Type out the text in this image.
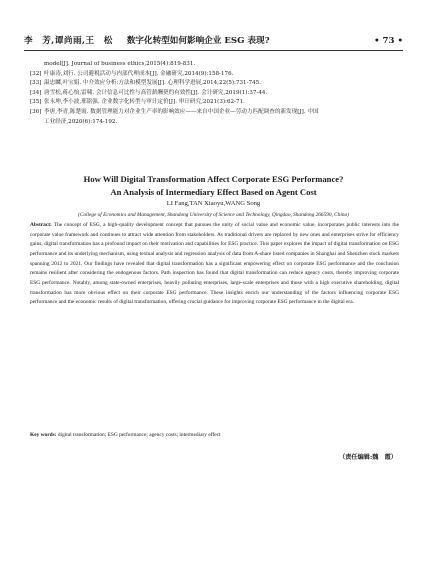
李　芳,谭尚雨,王　松 数字化转型如何影响企业 ESG 表现?	• 73 •
model[J]. Journal of business ethics,2015(4):819-831.
[32] 叶康涛,刘行. 公司避税活动与内部代理成本[J]. 金融研究,2014(9):158-176.
[33] 温忠麟,叶宝娟. 中介效应分析:方法和模型发展[J]. 心理科学进展,2014,22(5):731-745.
[34] 唐雪松,蒋心怡,雷啸. 会计信息可比性与高管薪酬契约有效性[J]. 会计研究,2019(1):37-44.
[35] 张永坤,李小波,邢铭强. 企业数字化转型与审计定价[J]. 审计研究,2021(3):62-71.
[36] 李唐,李青,陈楚霞. 数据管理能力对企业生产率的影响效应——来自中国企业—劳动力匹配调查的新发现[J]. 中国
工业经济,2020(6):174-192.
How Will Digital Transformation Affect Corporate ESG Performance?
An Analysis of Intermediary Effect Based on Agent Cost
LI Fang,TAN Xiaoyu,WANG Song
(College of Economics and Management, Shandong University of Science and Technology, Qingdao, Shandong 266590, China)
Abstract: The concept of ESG, a high-quality development concept that pursues the unity of social value and economic value, incorporates public interests into the corporate value framework and continues to attract wide attention from stakeholders. As traditional drivers are replaced by new ones and enterprises strive for efficiency gains, digital transformation has a profound impact on their motivation and capabilities for ESG practice. This paper explores the impact of digital transformation on ESG performance and its underlying mechanism, using textual analysis and regression analysis of data from A-share listed companies in Shanghai and Shenzhen stock markets spanning 2012 to 2021. Our findings have revealed that digital transformation has a significant empowering effect on corporate ESG performance and the conclusion remains resilient after considering the endogenous factors. Path inspection has found that digital transformation can reduce agency costs, thereby improving corporate ESG performance. Notably, among state-owned enterprises, heavily polluting enterprises, large-scale enterprises and those with a high executive shareholding, digital transformation has more obvious effect on their corporate ESG performance. These insights enrich our understanding of the factors influencing corporate ESG performance and the economic results of digital transformation, offering crucial guidance for improving corporate ESG performance in the digital era.
Key words: digital transformation; ESG performance; agency costs; intermediary effect
（责任编辑:魏　霞）
